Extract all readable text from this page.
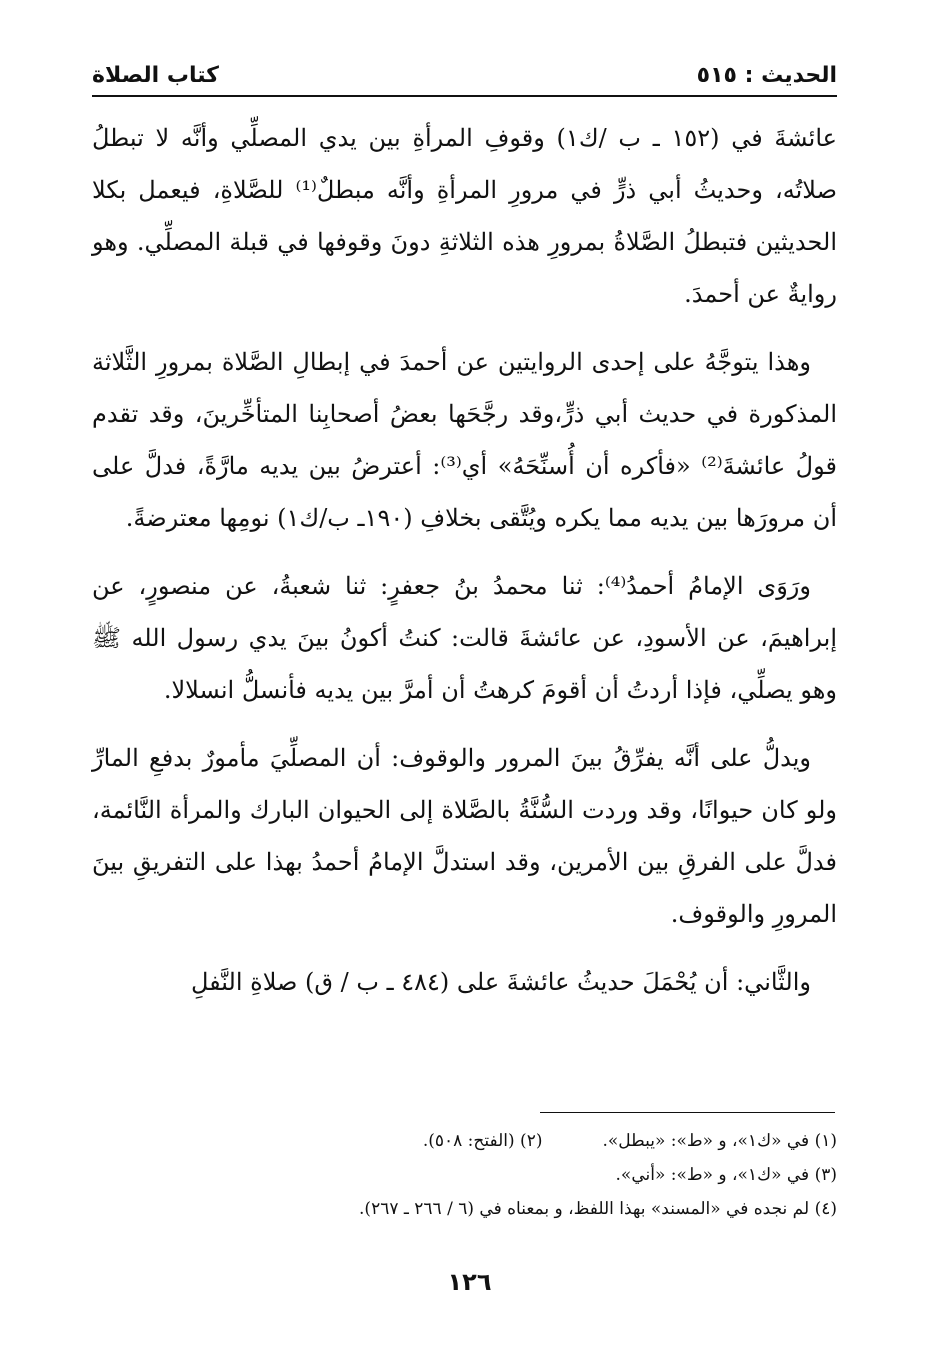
الحديث : ٥١٥
كتاب الصلاة

عائشةَ في (١٥٢ ـ ب /ك١) وقوفِ المرأةِ بين يدي المصلِّي وأنَّه لا تبطلُ صلاتُه، وحديثُ أبي ذرٍّ في مرورِ المرأةِ وأنَّه مبطلٌ⁽¹⁾ للصَّلاةِ، فيعمل بكلا الحديثين فتبطلُ الصَّلاةُ بمرورِ هذه الثلاثةِ دونَ وقوفها في قبلة المصلِّي. وهو روايةٌ عن أحمدَ.

وهذا يتوجَّهُ على إحدى الروايتين عن أحمدَ في إبطالِ الصَّلاة بمرورِ الثَّلاثة المذكورة في حديث أبي ذرٍّ،وقد رجَّحَها بعضُ أصحابِنا المتأخِّرينَ، وقد تقدم قولُ عائشةَ⁽²⁾ «فأكره أن أُسنِّحَهُ» أي⁽³⁾: أعترضُ بين يديه مارَّةً، فدلَّ على أن مرورَها بين يديه مما يكره ويُتَّقى بخلافِ (١٩٠ـ ب/ك١) نومِها معترضةً.

ورَوَى الإمامُ أحمدُ⁽⁴⁾: ثنا محمدُ بنُ جعفرٍ: ثنا شعبةُ، عن منصورٍ، عن إبراهيمَ، عن الأسودِ، عن عائشةَ قالت: كنتُ أكونُ بينَ يدي رسول الله ﷺ وهو يصلِّي، فإذا أردتُ أن أقومَ كرهتُ أن أمرَّ بين يديه فأنسلُّ انسلالا.

ويدلُّ على أنَّه يفرِّقُ بينَ المرور والوقوف: أن المصلِّيَ مأمورٌ بدفعِ المارِّ ولو كان حيوانًا، وقد وردت السُّنَّةُ بالصَّلاة إلى الحيوان البارك والمرأة النَّائمة، فدلَّ على الفرقِ بين الأمرين، وقد استدلَّ الإمامُ أحمدُ بهذا على التفريقِ بينَ المرورِ والوقوف.

والثَّاني: أن يُحْمَلَ حديثُ عائشةَ على (٤٨٤ ـ ب / ق) صلاةِ النَّفلِ

(١) في «ك١»، و «ط»: «يبطل».
(٢) (الفتح: ٥٠٨).
(٣) في «ك١»، و «ط»: «أني».
(٤) لم نجده في «المسند» بهذا اللفظ، و بمعناه في (٦ / ٢٦٦ ـ ٢٦٧).
١٢٦
